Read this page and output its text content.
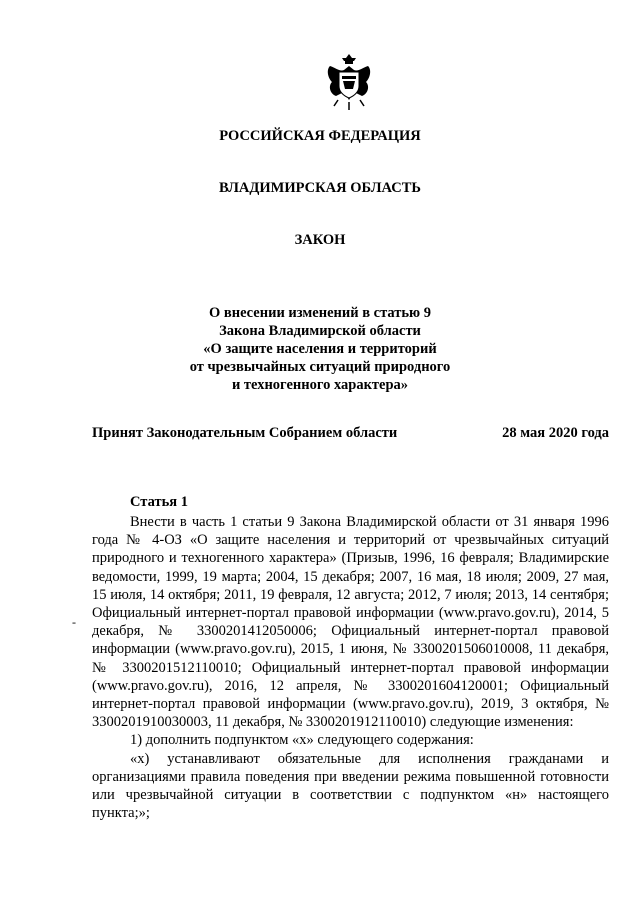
РОССИЙСКАЯ ФЕДЕРАЦИЯ
ВЛАДИМИРСКАЯ ОБЛАСТЬ
ЗАКОН
О внесении изменений в статью 9
Закона Владимирской области
«О защите населения и территорий
от чрезвычайных ситуаций природного
и техногенного характера»
Принят Законодательным Собранием области	28 мая 2020 года
Статья 1
-

Внести в часть 1 статьи 9 Закона Владимирской области от 31 января 1996 года № 4-ОЗ «О защите населения и территорий от чрезвычайных ситуаций природного и техногенного характера» (Призыв, 1996, 16 февраля; Владимирские ведомости, 1999, 19 марта; 2004, 15 декабря; 2007, 16 мая, 18 июля; 2009, 27 мая, 15 июля, 14 октября; 2011, 19 февраля, 12 августа; 2012, 7 июля; 2013, 14 сентября; Официальный интернет-портал правовой информации (www.pravo.gov.ru), 2014, 5 декабря, № 3300201412050006; Официальный интернет-портал правовой информации (www.pravo.gov.ru), 2015, 1 июня, № 3300201506010008, 11 декабря, № 3300201512110010; Официальный интернет-портал правовой информации (www.pravo.gov.ru), 2016, 12 апреля, № 3300201604120001; Официальный интернет-портал правовой информации (www.pravo.gov.ru), 2019, 3 октября, № 3300201910030003, 11 декабря, № 3300201912110010) следующие изменения:

1) дополнить подпунктом «х» следующего содержания:

«х) устанавливают обязательные для исполнения гражданами и организациями правила поведения при введении режима повышенной готовности или чрезвычайной ситуации в соответствии с подпунктом «н» настоящего пункта;»;
